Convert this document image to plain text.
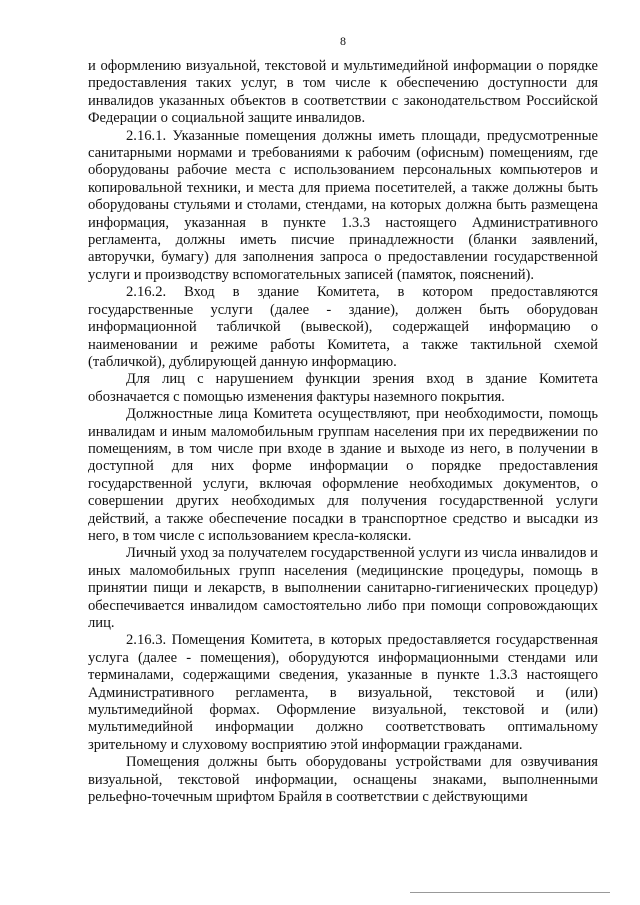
8

и оформлению визуальной, текстовой и мультимедийной информации о порядке предоставления таких услуг, в том числе к обеспечению доступности для инвалидов указанных объектов в соответствии с законодательством Российской Федерации о социальной защите инвалидов.

2.16.1. Указанные помещения должны иметь площади, предусмотренные санитарными нормами и требованиями к рабочим (офисным) помещениям, где оборудованы рабочие места с использованием персональных компьютеров и копировальной техники, и места для приема посетителей, а также должны быть оборудованы стульями и столами, стендами, на которых должна быть размещена информация, указанная в пункте 1.3.3 настоящего Административного регламента, должны иметь писчие принадлежности (бланки заявлений, авторучки, бумагу) для заполнения запроса о предоставлении государственной услуги и производству вспомогательных записей (памяток, пояснений).

2.16.2. Вход в здание Комитета, в котором предоставляются государственные услуги (далее - здание), должен быть оборудован информационной табличкой (вывеской), содержащей информацию о наименовании и режиме работы Комитета, а также тактильной схемой (табличкой), дублирующей данную информацию.

Для лиц с нарушением функции зрения вход в здание Комитета обозначается с помощью изменения фактуры наземного покрытия.

Должностные лица Комитета осуществляют, при необходимости, помощь инвалидам и иным маломобильным группам населения при их передвижении по помещениям, в том числе при входе в здание и выходе из него, в получении в доступной для них форме информации о порядке предоставления государственной услуги, включая оформление необходимых документов, о совершении других необходимых для получения государственной услуги действий, а также обеспечение посадки в транспортное средство и высадки из него, в том числе с использованием кресла-коляски.

Личный уход за получателем государственной услуги из числа инвалидов и иных маломобильных групп населения (медицинские процедуры, помощь в принятии пищи и лекарств, в выполнении санитарно-гигиенических процедур) обеспечивается инвалидом самостоятельно либо при помощи сопровождающих лиц.

2.16.3. Помещения Комитета, в которых предоставляется государственная услуга (далее - помещения), оборудуются информационными стендами или терминалами, содержащими сведения, указанные в пункте 1.3.3 настоящего Административного регламента, в визуальной, текстовой и (или) мультимедийной формах. Оформление визуальной, текстовой и (или) мультимедийной информации должно соответствовать оптимальному зрительному и слуховому восприятию этой информации гражданами.

Помещения должны быть оборудованы устройствами для озвучивания визуальной, текстовой информации, оснащены знаками, выполненными рельефно-точечным шрифтом Брайля в соответствии с действующими
